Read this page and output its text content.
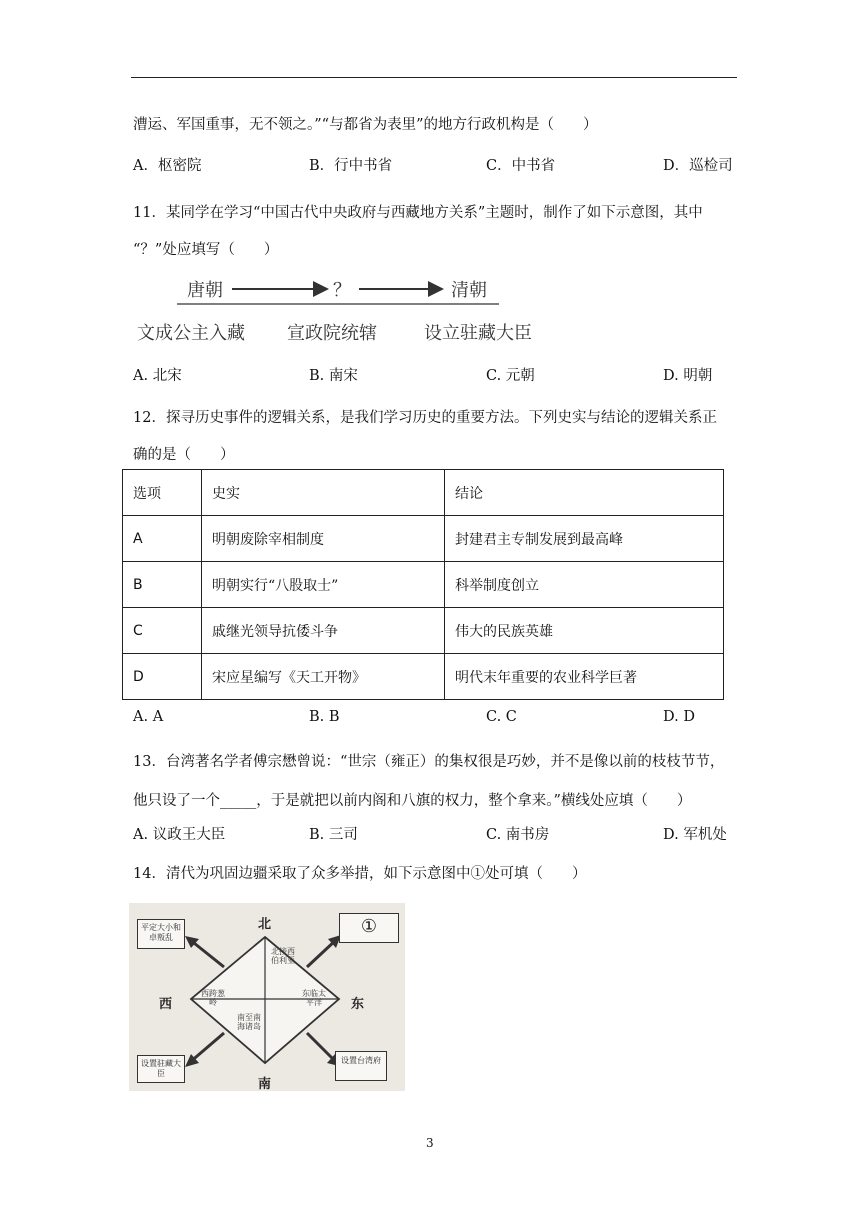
漕运、军国重事，无不领之。”“与都省为表里”的地方行政机构是（　　）
A．枢密院	B．行中书省	C．中书省	D．巡检司
11．某同学在学习“中国古代中央政府与西藏地方关系”主题时，制作了如下示意图，其中
“？”处应填写（　　）
唐朝	？	清朝
文成公主入藏 宣政院统辖	设立驻藏大臣
A. 北宋	B. 南宋	C. 元朝	D. 明朝
12．探寻历史事件的逻辑关系，是我们学习历史的重要方法。下列史实与结论的逻辑关系正
确的是（　　）
选项	史实	结论
A	明朝废除宰相制度	封建君主专制发展到最高峰
B	明朝实行“八股取士”	科举制度创立
C	戚继光领导抗倭斗争	伟大的民族英雄
D	宋应星编写《天工开物》	明代末年重要的农业科学巨著
A. A	B. B	C. C	D. D
13．台湾著名学者傅宗懋曾说：“世宗（雍正）的集权很是巧妙，并不是像以前的枝枝节节，
他只设了一个_____，于是就把以前内阁和八旗的权力，整个拿来。”横线处应填（　　）
A. 议政王大臣	B. 三司	C. 南书房	D. 军机处
14．清代为巩固边疆采取了众多举措，如下示意图中①处可填（　　）
北
南
西	东
平定大小和卓叛乱
①
设置驻藏大臣
设置台湾府
北接西伯利亚
西跨葱岭
东临太平洋
南至南海诸岛
3
